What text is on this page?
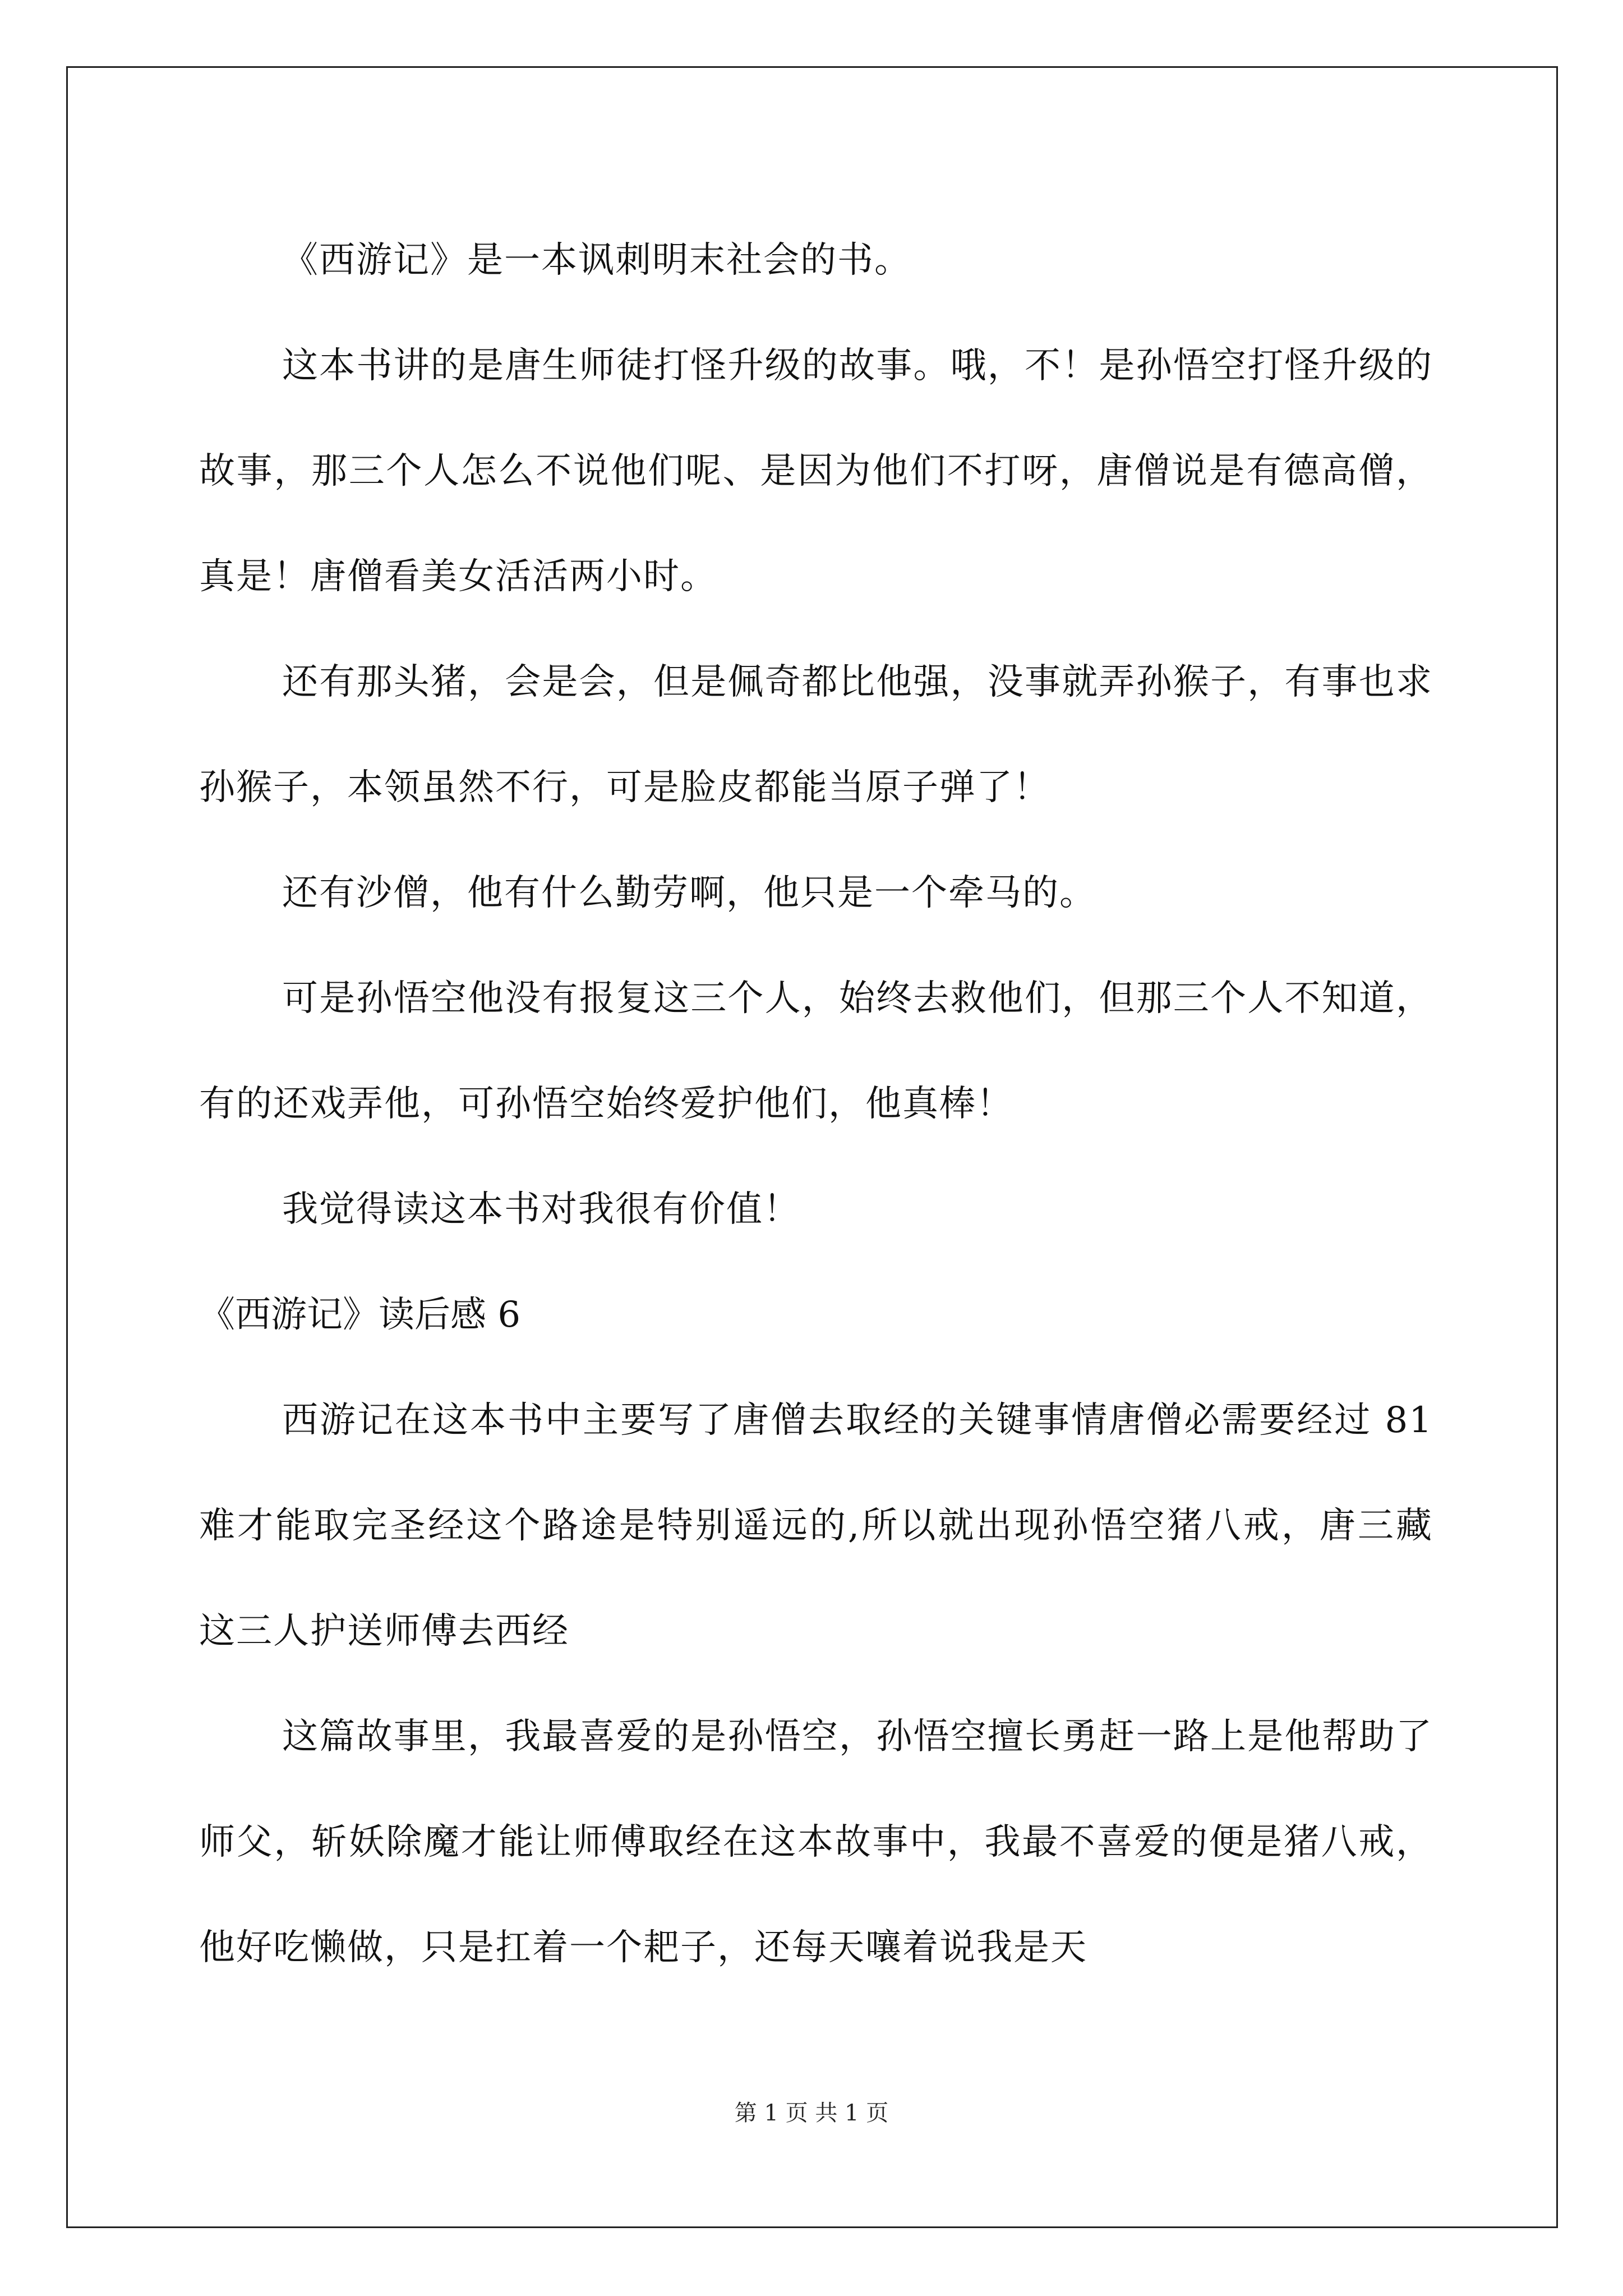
《西游记》是一本讽刺明末社会的书。

这本书讲的是唐生师徒打怪升级的故事。哦，不！是孙悟空打怪升级的故事，那三个人怎么不说他们呢、是因为他们不打呀，唐僧说是有德高僧，真是！唐僧看美女活活两小时。

还有那头猪，会是会，但是佩奇都比他强，没事就弄孙猴子，有事也求孙猴子，本领虽然不行，可是脸皮都能当原子弹了！

还有沙僧，他有什么勤劳啊，他只是一个牵马的。

可是孙悟空他没有报复这三个人，始终去救他们，但那三个人不知道，有的还戏弄他，可孙悟空始终爱护他们，他真棒！

我觉得读这本书对我很有价值！

《西游记》读后感 6

西游记在这本书中主要写了唐僧去取经的关键事情唐僧必需要经过 81 难才能取完圣经这个路途是特别遥远的,所以就出现孙悟空猪八戒，唐三藏这三人护送师傅去西经

这篇故事里，我最喜爱的是孙悟空，孙悟空擅长勇赶一路上是他帮助了师父，斩妖除魔才能让师傅取经在这本故事中，我最不喜爱的便是猪八戒，他好吃懒做，只是扛着一个耙子，还每天嚷着说我是天

第 1 页 共 1 页
